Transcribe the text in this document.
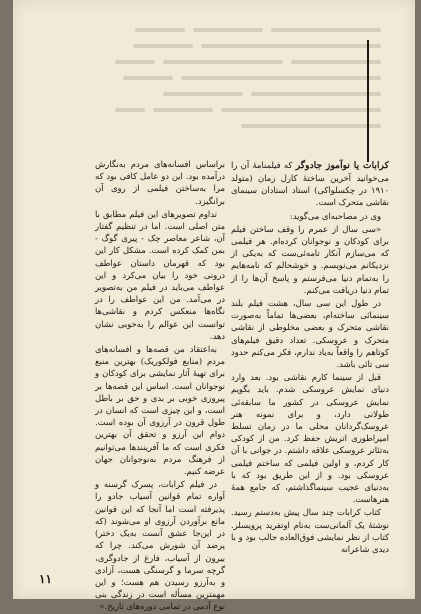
کرابات یا نوآموز جادوگر که فیلمنامهٔ آن را می‌خوانید آخرین ساختهٔ کارل زمان (متولد ۱۹۱۰ در چکسلواکی) استاد استادان سینمای نقاشی متحرک است.

وی در مصاحبه‌ای می‌گوید:

«سی سال از عمرم را وقف ساختن فیلم برای کودکان و نوجوانان کرده‌ام. هر فیلمی که می‌سازم آنکار تامه‌ئی‌ست که به‌یکی از نزدیکانم می‌نویسم. و خوشحالم که نامه‌هایم را به‌تمام دنیا می‌فرستم و پاسخ آن‌ها را از تمام دنیا دریافت می‌کنم.

در طول این سی سال، هشت فیلم بلند سینمائی ساخته‌ام، بعضی‌ها تماماً به‌صورت نقاشی متحرک و بعضی مخلوطی از نقاشی متحرک و عروسکی. تعداد دقیق فیلم‌های کوتاهم را واقعاً به‌یاد ندارم، فکر می‌کنم حدود سی تائی باشد.

قبل از سینما کارم نقاشی بود. بعد وارد دنیای نمایش عروسکی شدم. باید بگویم نمایش عروسکی در کشور ما سابقه‌ئی طولانی دارد، و برای نمونه هنر عروسک‌گردانان محلی ما در زمان تسلط امپراطوری اتریش حفظ کرد. من از کودکی به‌تئاتر عروسکی علاقه داشتم. در جوانی با آن کار کردم، و اولین فیلمی که ساختم فیلمی عروسکی بود. و از این طریق بود که با به‌دنیای عجیب سینماگذاشتم، که جامع همهٔ هنرهاست.

کتاب کرابات چند سال پیش به‌دستم رسید. نوشتهٔ یک آلمانی‌ست به‌نام اوتفرید پرویسلر. کتاب از نظر نمایشی فوق‌العاده جالب بود و با دیدی شاعرانه

براساس افسانه‌های مردم به‌نگارش درآمده بود. این دو عامل کافی بود که مرا به‌ساختن فیلمی از روی آن برانگیزد.

تداوم تصویرهای این فیلم مطابق با متن اصلی است. اما در تنظیم گفتار آن، شاعر معاصر چک - پیری گوگ - بمن کمک کرده است. مشکل کار این بود که قهرمان داستان عواطف درونی خود را بیان می‌کرد و این عواطف می‌باید در فیلم من به‌تصویر در می‌آمد. من این عواطف را در نگاه‌ها منعکس کردم و نقاشی‌ها توانست این عوالم را به‌خوبی نشان دهد.

به‌اعتقاد من قصه‌ها و افسانه‌های مردم (منابع فولکوریک) بهترین منبع برای تهیهٔ آثار نمایشی برای کودکان و نوجوانان است. اساس این قصه‌ها بر پیروزی خوبی بر بدی و حق بر باطل است، و این چیزی است که انسان در طول قرون در آرزوی آن بوده است. دوام این آرزو و تحقق آن بهترین فکری است که ما آفرینندها می‌توانیم از فرهنگ مردم به‌نوجوانان جهان عرضه کنیم.

در فیلم کرابات، پسرک گرسنه و آواره تمام قوانین آسیاب جادو را پذیرفته است اما آنجا که این قوانین مانع برآوردن آرزوی او می‌شوند (که در این‌جا عشق آنست به‌یک دختر) پرضد آن شورش می‌کند. چرا که بیرون از آسیاب، فارغ از جادوگری، گرچه سرما و گرسنگی هست، آزادی و به‌آرزو رسیدن هم هست؛ و این مهمترین مسأله است در زندگی بنی نوع آدمی در تمامی دوره‌های تاریخ.»

۱۱
